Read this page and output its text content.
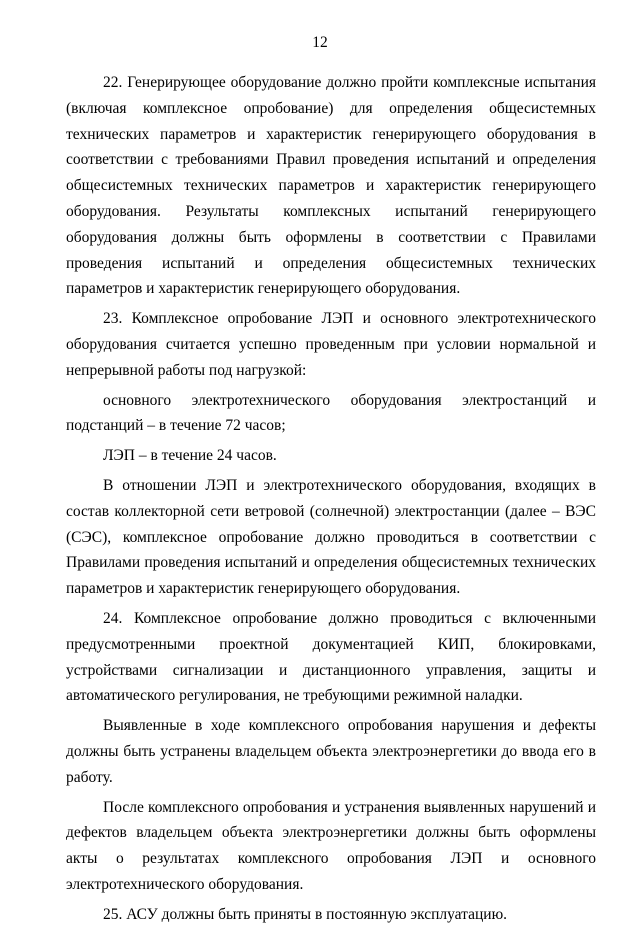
12

22. Генерирующее оборудование должно пройти комплексные испытания (включая комплексное опробование) для определения общесистемных технических параметров и характеристик генерирующего оборудования в соответствии с требованиями Правил проведения испытаний и определения общесистемных технических параметров и характеристик генерирующего оборудования. Результаты комплексных испытаний генерирующего оборудования должны быть оформлены в соответствии с Правилами проведения испытаний и определения общесистемных технических параметров и характеристик генерирующего оборудования.

23. Комплексное опробование ЛЭП и основного электротехнического оборудования считается успешно проведенным при условии нормальной и непрерывной работы под нагрузкой:

основного электротехнического оборудования электростанций и подстанций – в течение 72 часов;

ЛЭП – в течение 24 часов.

В отношении ЛЭП и электротехнического оборудования, входящих в состав коллекторной сети ветровой (солнечной) электростанции (далее – ВЭС (СЭС), комплексное опробование должно проводиться в соответствии с Правилами проведения испытаний и определения общесистемных технических параметров и характеристик генерирующего оборудования.

24. Комплексное опробование должно проводиться с включенными предусмотренными проектной документацией КИП, блокировками, устройствами сигнализации и дистанционного управления, защиты и автоматического регулирования, не требующими режимной наладки.

Выявленные в ходе комплексного опробования нарушения и дефекты должны быть устранены владельцем объекта электроэнергетики до ввода его в работу.

После комплексного опробования и устранения выявленных нарушений и дефектов владельцем объекта электроэнергетики должны быть оформлены акты о результатах комплексного опробования ЛЭП и основного электротехнического оборудования.

25. АСУ должны быть приняты в постоянную эксплуатацию.
